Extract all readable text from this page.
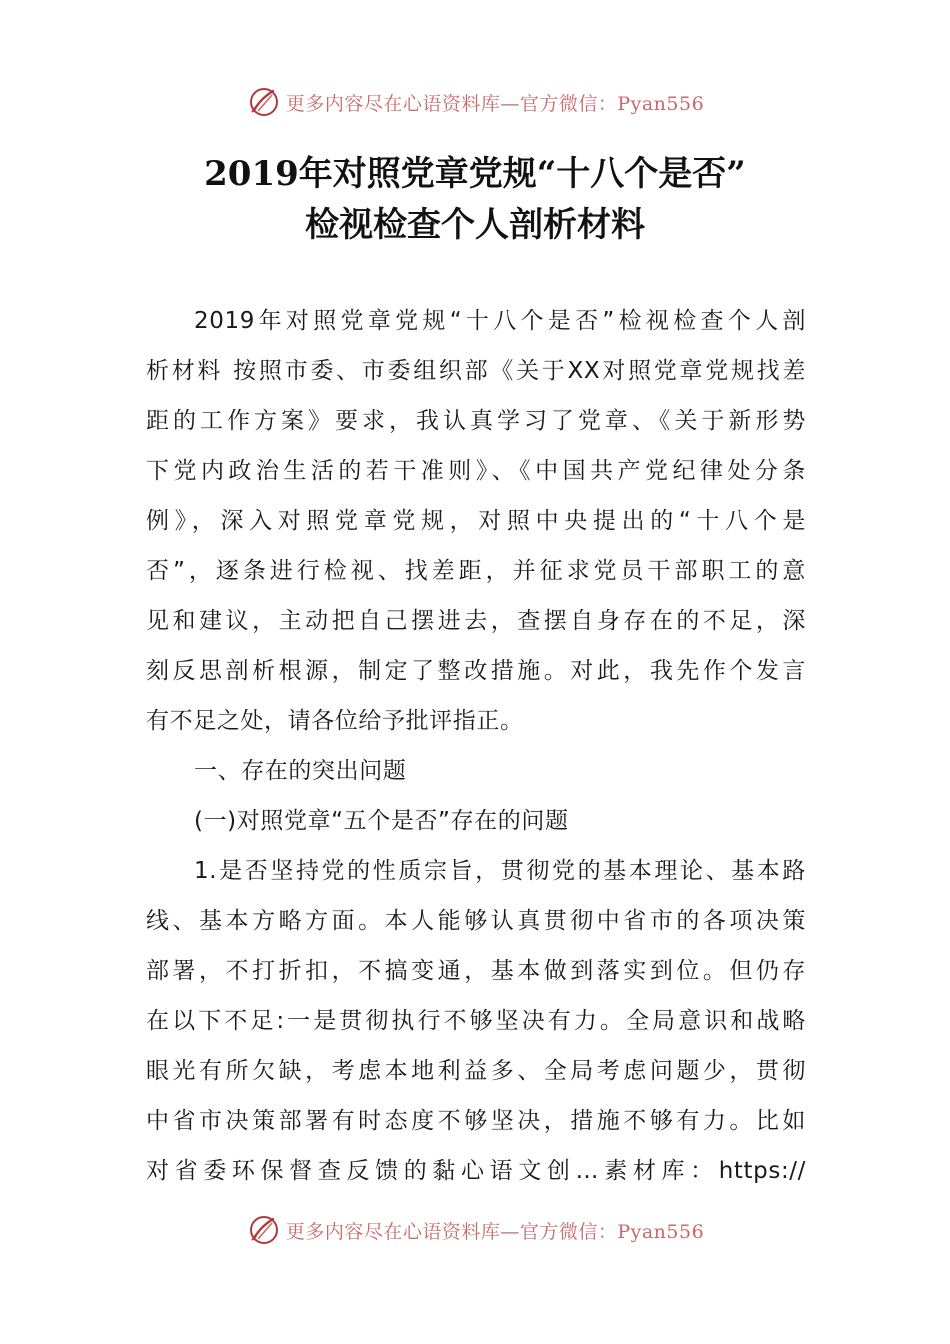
更多内容尽在心语资料库—官方微信：Pyan556
2019年对照党章党规“十八个是否”
检视检查个人剖析材料
2019年对照党章党规“十八个是否”检视检查个人剖
析材料 按照市委、市委组织部《关于XX对照党章党规找差
距的工作方案》要求，我认真学习了党章、《关于新形势
下党内政治生活的若干准则》、《中国共产党纪律处分条
例》，深入对照党章党规，对照中央提出的“十八个是
否”，逐条进行检视、找差距，并征求党员干部职工的意
见和建议，主动把自己摆进去，查摆自身存在的不足，深
刻反思剖析根源，制定了整改措施。对此，我先作个发言
有不足之处，请各位给予批评指正。
一、存在的突出问题
(一)对照党章“五个是否”存在的问题
1.是否坚持党的性质宗旨，贯彻党的基本理论、基本路
线、基本方略方面。本人能够认真贯彻中省市的各项决策
部署，不打折扣，不搞变通，基本做到落实到位。但仍存
在以下不足:一是贯彻执行不够坚决有力。全局意识和战略
眼光有所欠缺，考虑本地利益多、全局考虑问题少，贯彻
中省市决策部署有时态度不够坚决，措施不够有力。比如
对省委环保督查反馈的黏心语文创…素材库：https://
更多内容尽在心语资料库—官方微信：Pyan556
